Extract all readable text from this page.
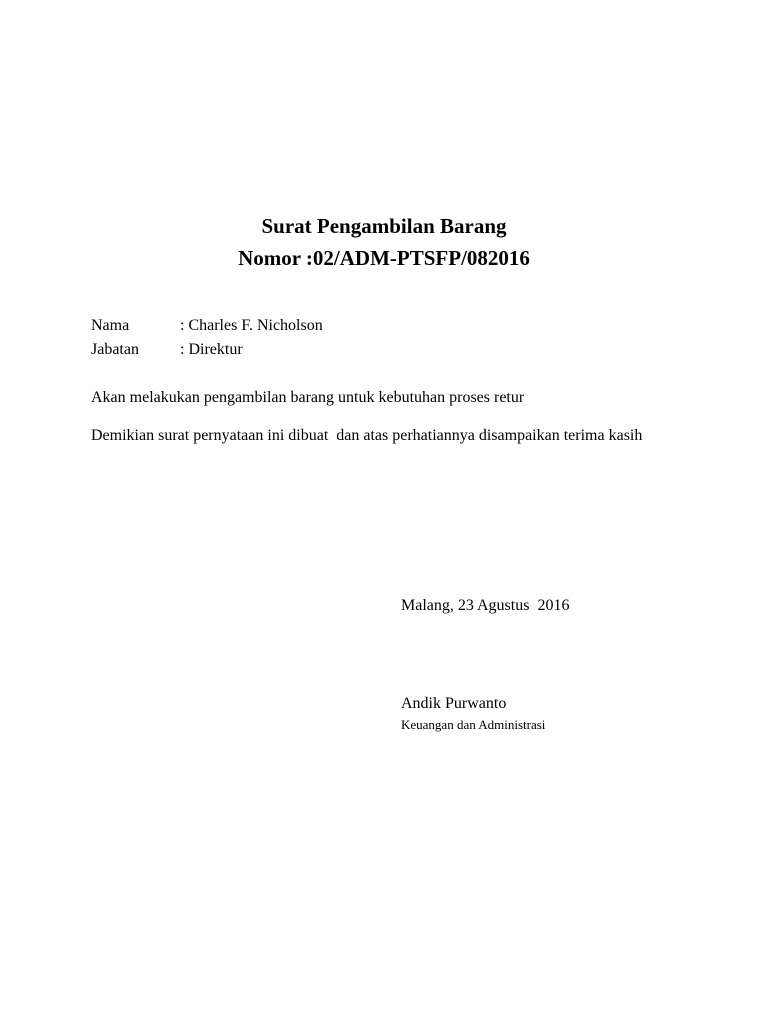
Surat Pengambilan Barang
Nomor :02/ADM-PTSFP/082016
Nama	: Charles F. Nicholson
Jabatan	: Direktur

Akan melakukan pengambilan barang untuk kebutuhan proses retur

Demikian surat pernyataan ini dibuat  dan atas perhatiannya disampaikan terima kasih

Malang, 23 Agustus  2016

Andik Purwanto

Keuangan dan Administrasi
